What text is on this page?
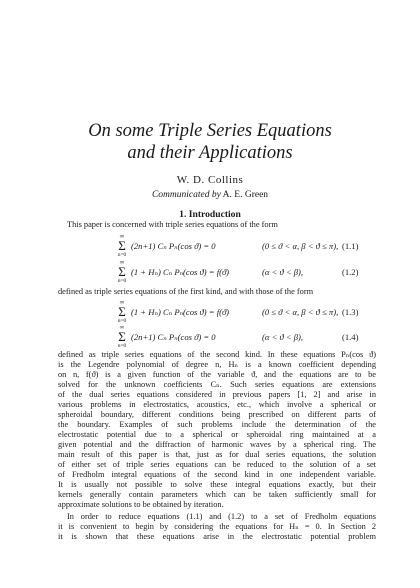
On some Triple Series Equations
and their Applications
W. D. Collins
Communicated by A. E. Green
1. Introduction
This paper is concerned with triple series equations of the form
∞
Σ
n=0
(2n+1) Cₙ Pₙ(cos ϑ) = 0	(0 ≤ ϑ < α, β < ϑ ≤ π), (1.1)
∞
Σ
n=0
(1 + Hₙ) Cₙ Pₙ(cos ϑ) = f(ϑ)	(α < ϑ < β),	(1.2)
defined as triple series equations of the first kind, and with those of the form
∞
Σ
n=0
(1 + Hₙ) Cₙ Pₙ(cos ϑ) = f(ϑ)	(0 ≤ ϑ < α, β < ϑ ≤ π), (1.3)
∞
Σ
n=0
(2n+1) Cₙ Pₙ(cos ϑ) = 0	(α < ϑ < β),	(1.4)
defined as triple series equations of the second kind. In these equations Pₙ(cos ϑ)
is the Legendre polynomial of degree n, Hₙ is a known coefficient depending
on n, f(ϑ) is a given function of the variable ϑ, and the equations are to be
solved for the unknown coefficients Cₙ. Such series equations are extensions
of the dual series equations considered in previous papers [1, 2] and arise in
various problems in electrostatics, acoustics, etc., which involve a spherical or
spheroidal boundary, different conditions being prescribed on different parts of
the boundary. Examples of such problems include the determination of the
electrostatic potential due to a spherical or spheroidal ring maintained at a
given potential and the diffraction of harmonic waves by a spherical ring. The
main result of this paper is that, just as for dual series equations, the solution
of either set of triple series equations can be reduced to the solution of a set
of Fredholm integral equations of the second kind in one independent variable.
It is usually not possible to solve these integral equations exactly, but their
kernels generally contain parameters which can be taken sufficiently small for
approximate solutions to be obtained by iteration.
In order to reduce equations (1.1) and (1.2) to a set of Fredholm equations
it is convenient to begin by considering the equations for Hₙ = 0. In Section 2
it is shown that these equations arise in the electrostatic potential problem
